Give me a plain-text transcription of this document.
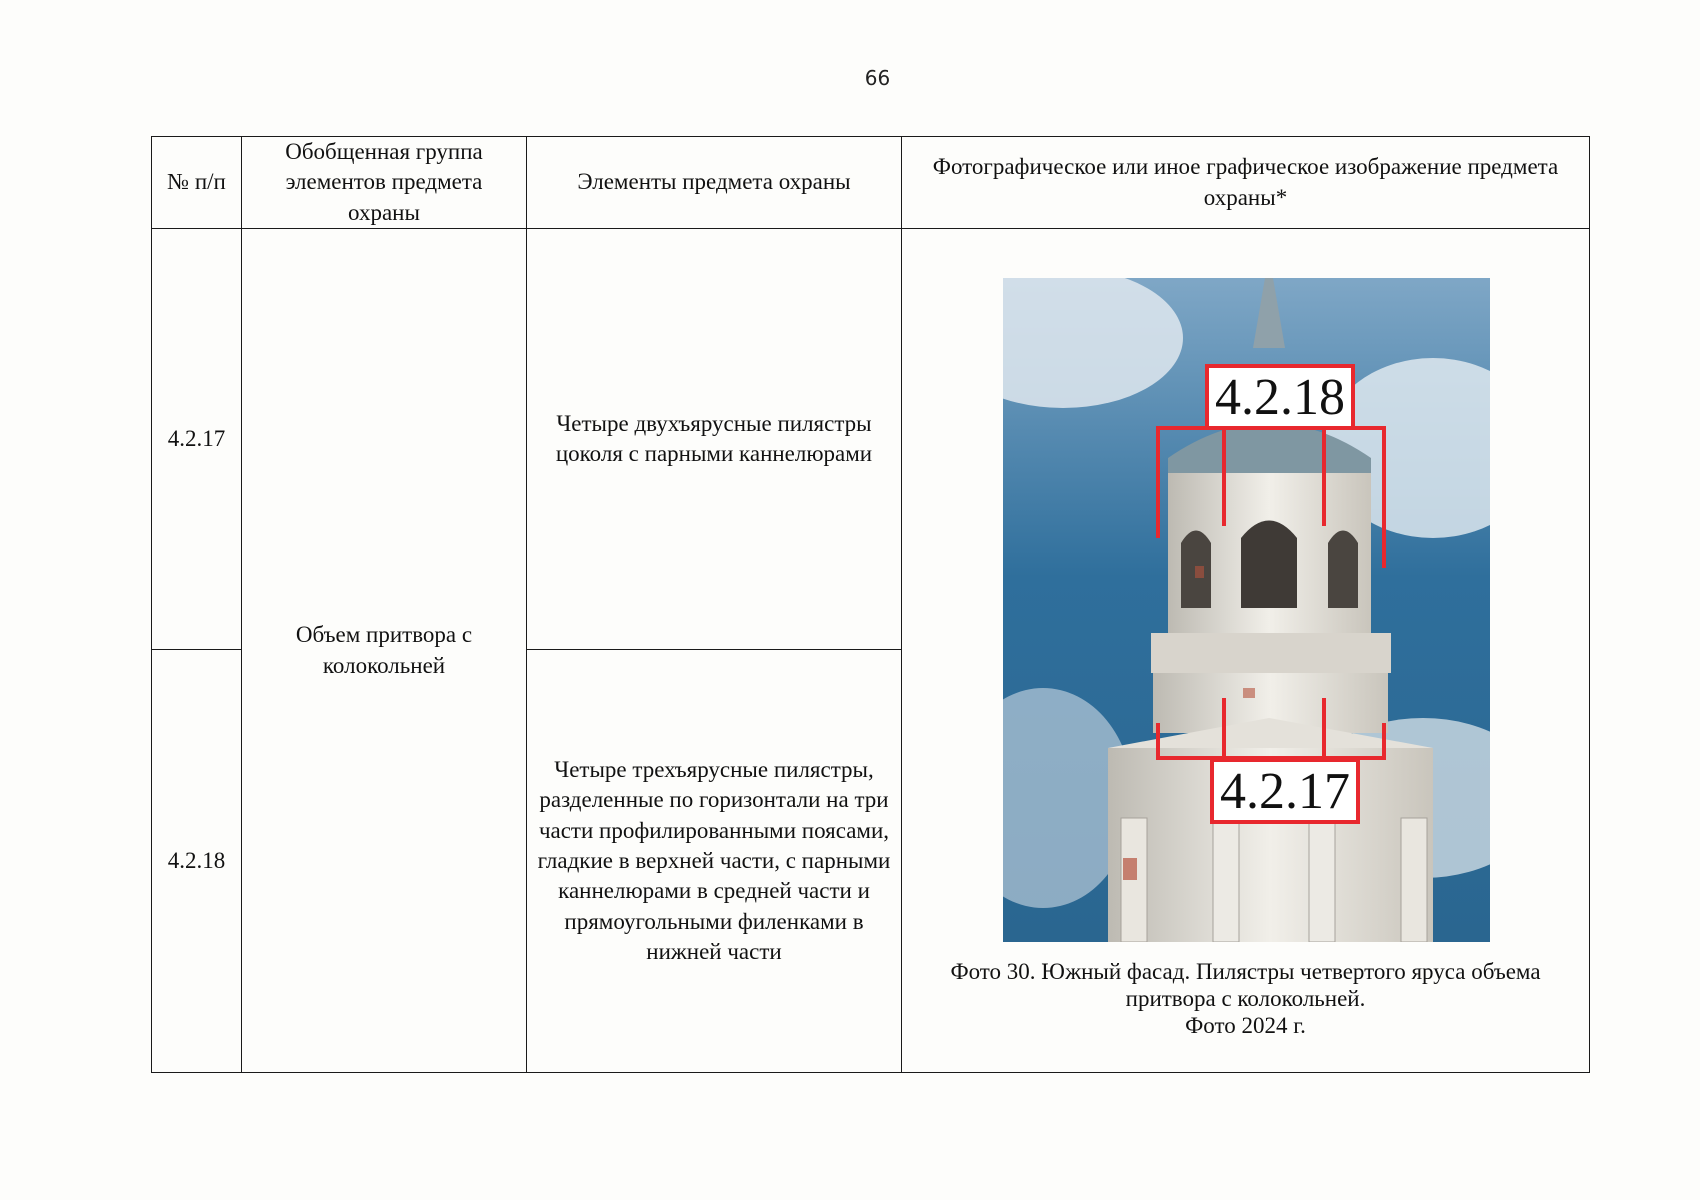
66
№ п/п	Обобщенная группа элементов предмета охраны	Элементы предмета охраны	Фотографическое или иное графическое изображение предмета охраны*
4.2.17	Объем притвора с колокольней	Четыре двухъярусные пилястры цоколя с парными каннелюрами	4.2.18
4.2.17
Фото 30. Южный фасад. Пилястры четвертого яруса объема
притвора с колокольней.
Фото 2024 г.

4.2.18		Четыре трехъярусные пилястры, разделенные по горизонтали на три части профилированными поясами, гладкие в верхней части, с парными каннелюрами в средней части и прямоугольными филенками в нижней части	
